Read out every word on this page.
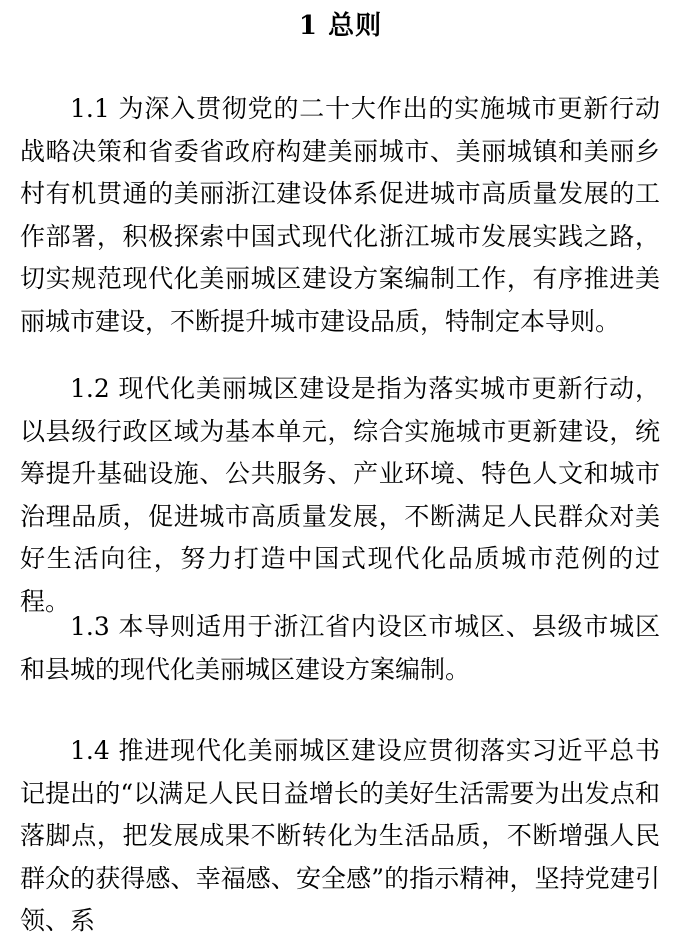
1 总则
1.1 为深入贯彻党的二十大作出的实施城市更新行动战略决策和省委省政府构建美丽城市、美丽城镇和美丽乡村有机贯通的美丽浙江建设体系促进城市高质量发展的工作部署，积极探索中国式现代化浙江城市发展实践之路，切实规范现代化美丽城区建设方案编制工作，有序推进美丽城市建设，不断提升城市建设品质，特制定本导则。
1.2 现代化美丽城区建设是指为落实城市更新行动，以县级行政区域为基本单元，综合实施城市更新建设，统筹提升基础设施、公共服务、产业环境、特色人文和城市治理品质，促进城市高质量发展，不断满足人民群众对美好生活向往，努力打造中国式现代化品质城市范例的过程。
1.3 本导则适用于浙江省内设区市城区、县级市城区和县城的现代化美丽城区建设方案编制。
1.4 推进现代化美丽城区建设应贯彻落实习近平总书记提出的“以满足人民日益增长的美好生活需要为出发点和落脚点，把发展成果不断转化为生活品质，不断增强人民群众的获得感、幸福感、安全感”的指示精神，坚持党建引领、系
